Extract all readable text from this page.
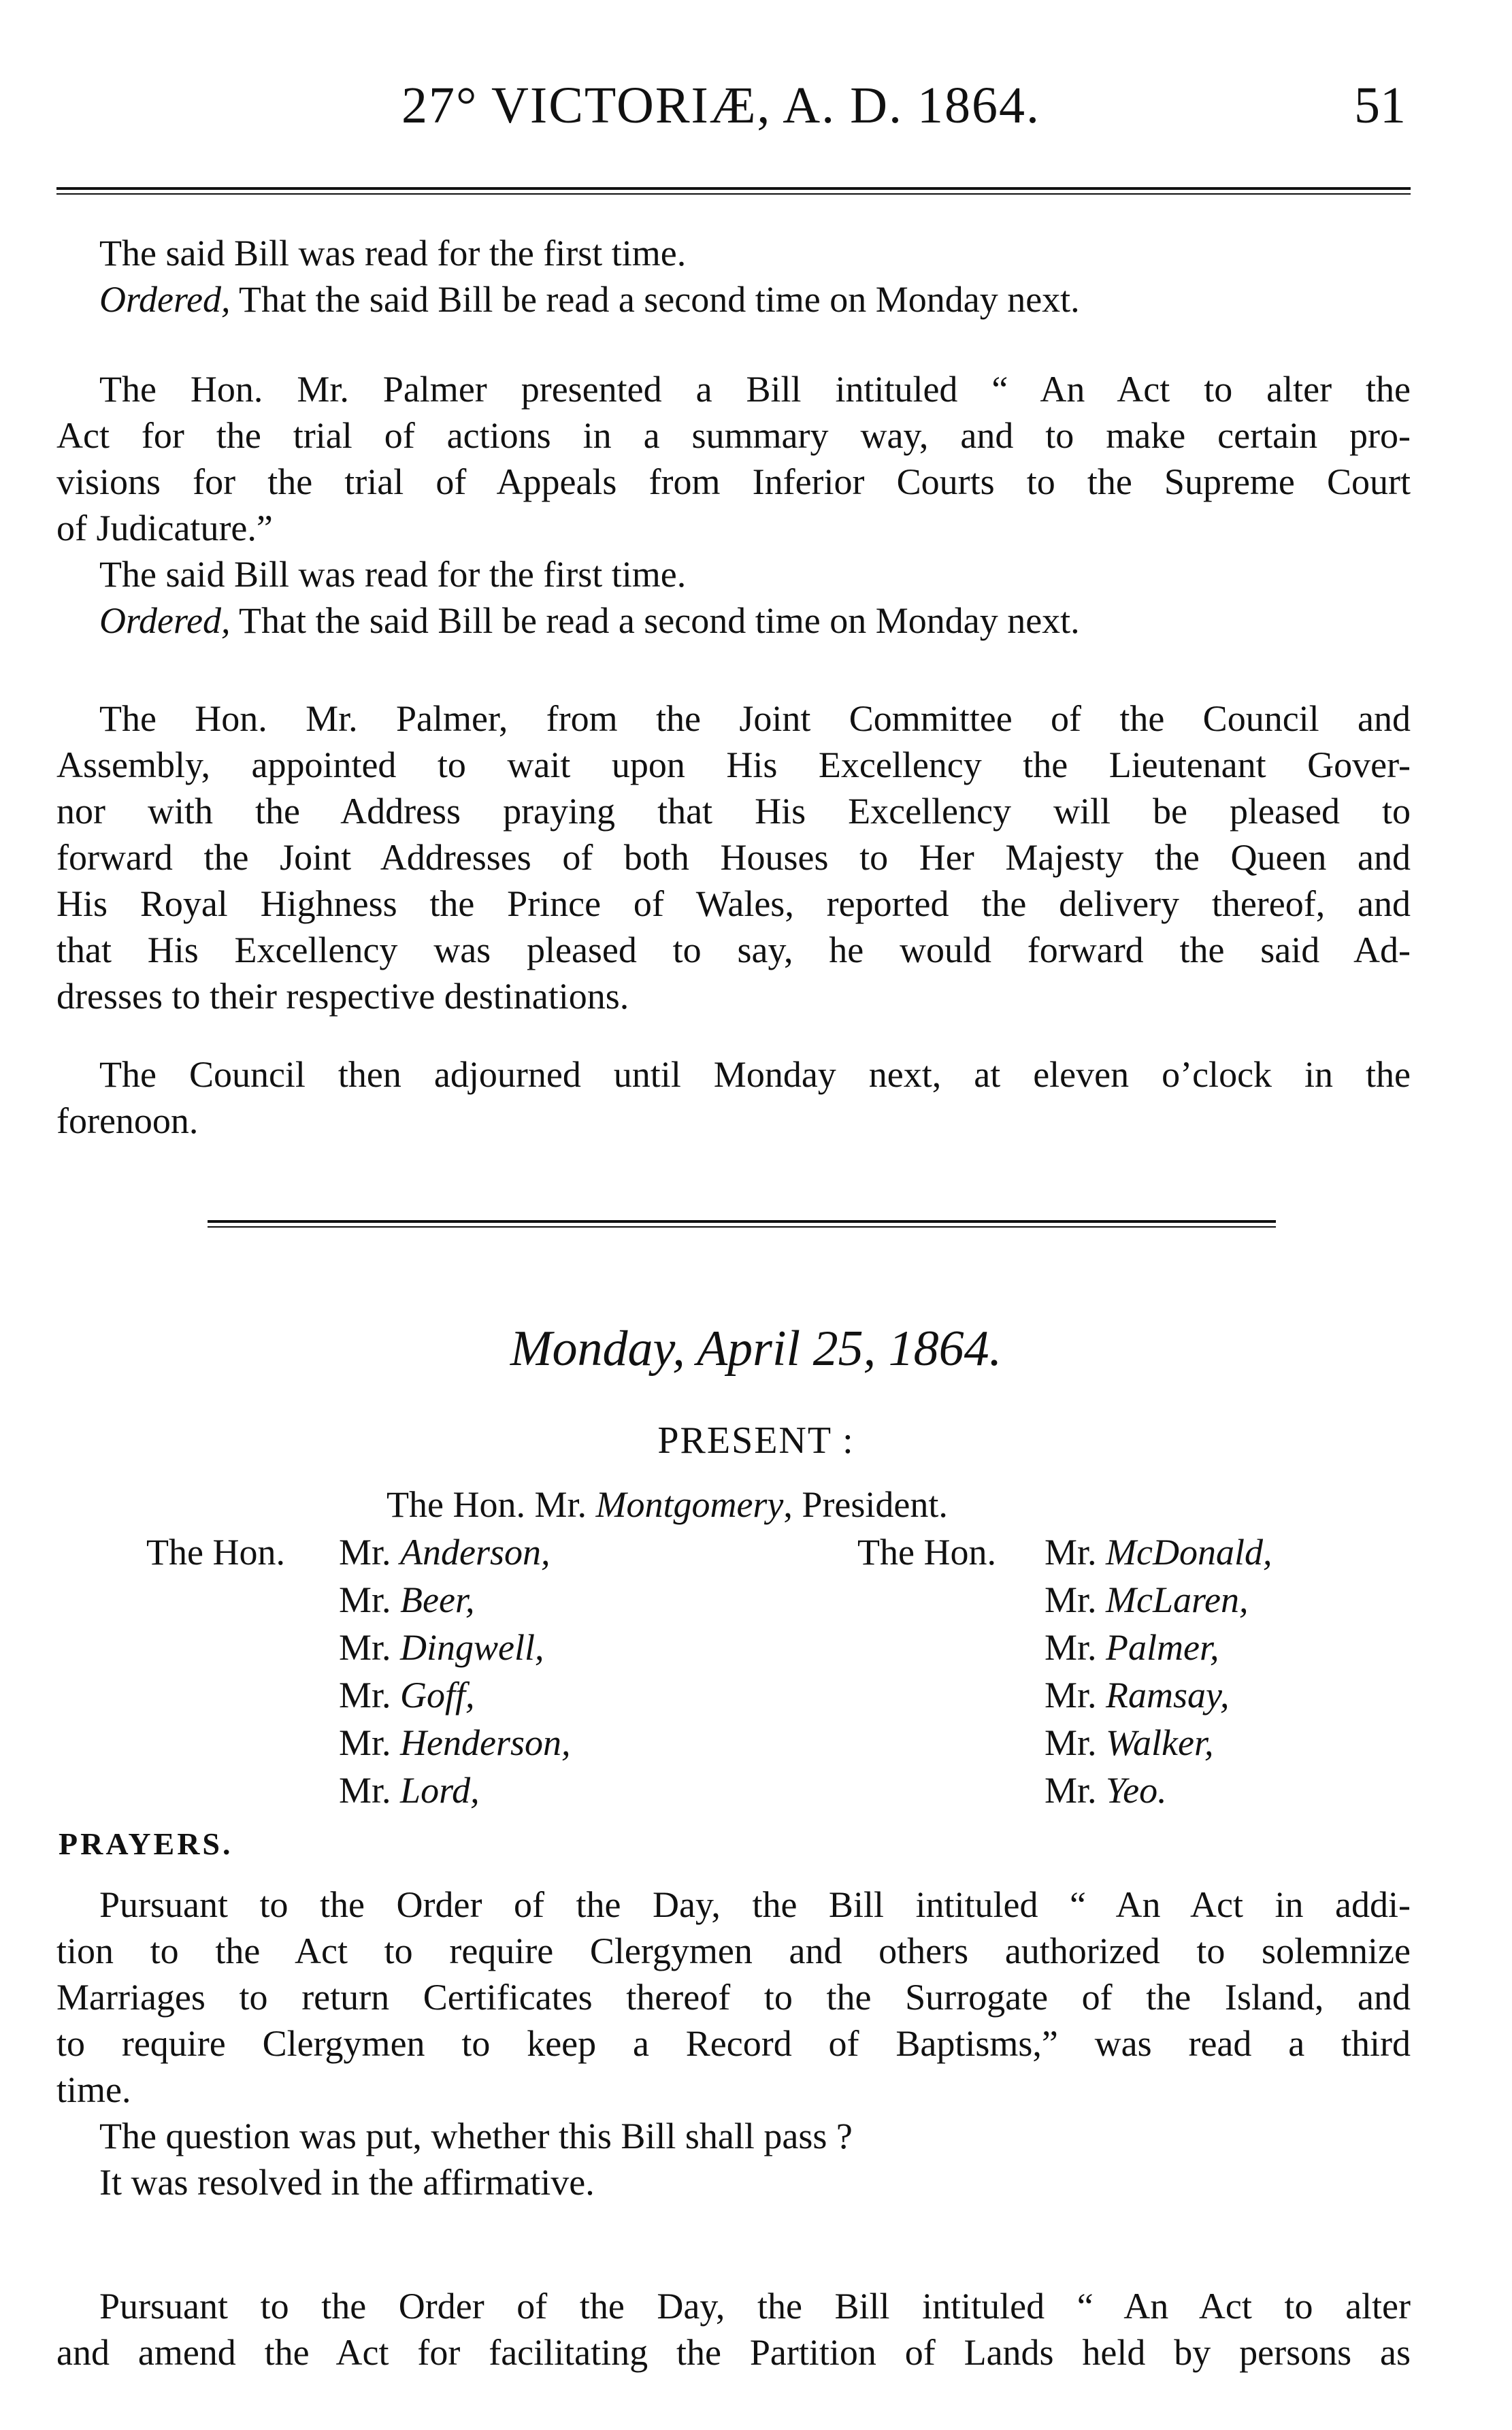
27° VICTORIÆ, A. D. 1864.	51
The said Bill was read for the first time.
Ordered, That the said Bill be read a second time on Monday next.
The Hon. Mr. Palmer presented a Bill intituled “ An Act to alter the
Act for the trial of actions in a summary way, and to make certain pro-
visions for the trial of Appeals from Inferior Courts to the Supreme Court
of Judicature.”
The said Bill was read for the first time.
Ordered, That the said Bill be read a second time on Monday next.
The Hon. Mr. Palmer, from the Joint Committee of the Council and
Assembly, appointed to wait upon His Excellency the Lieutenant Gover-
nor with the Address praying that His Excellency will be pleased to
forward the Joint Addresses of both Houses to Her Majesty the Queen and
His Royal Highness the Prince of Wales, reported the delivery thereof, and
that His Excellency was pleased to say, he would forward the said Ad-
dresses to their respective destinations.
The Council then adjourned until Monday next, at eleven o’clock in the
forenoon.
Monday, April 25, 1864.
PRESENT :
The Hon. Mr. Montgomery, President.
The Hon. Mr. Anderson,
Mr. Beer,
Mr. Dingwell,
Mr. Goff,
Mr. Henderson,
Mr. Lord,
The Hon. Mr. McDonald,
Mr. McLaren,
Mr. Palmer,
Mr. Ramsay,
Mr. Walker,
Mr. Yeo.
PRAYERS.
Pursuant to the Order of the Day, the Bill intituled “ An Act in addi-
tion to the Act to require Clergymen and others authorized to solemnize
Marriages to return Certificates thereof to the Surrogate of the Island, and
to require Clergymen to keep a Record of Baptisms,” was read a third
time.
The question was put, whether this Bill shall pass ?
It was resolved in the affirmative.
Pursuant to the Order of the Day, the Bill intituled “ An Act to alter
and amend the Act for facilitating the Partition of Lands held by persons as
